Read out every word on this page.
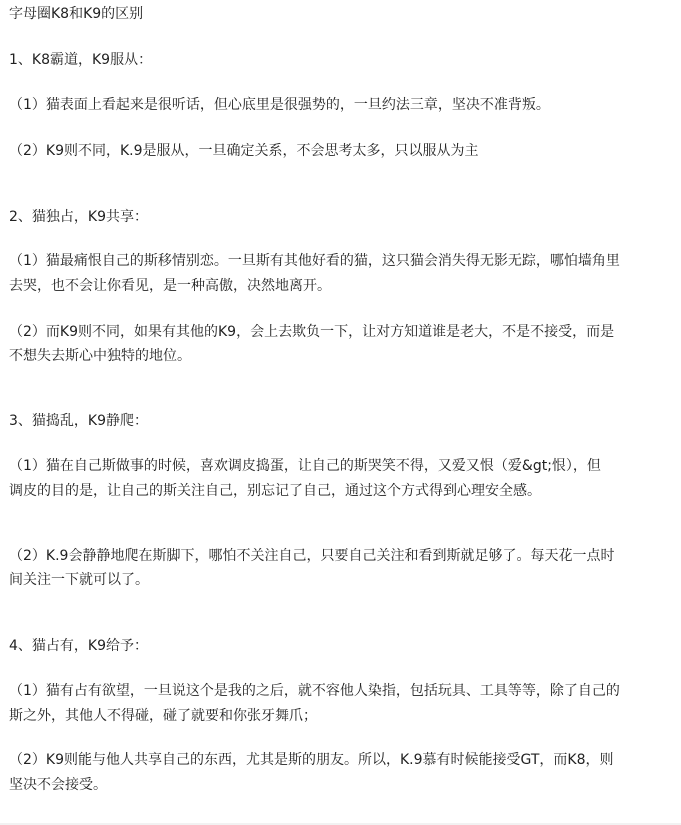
字母圈K8和K9的区别
1、K8霸道，K9服从：
（1）猫表面上看起来是很听话，但心底里是很强势的，一旦约法三章，坚决不准背叛。
（2）K9则不同，K.9是服从，一旦确定关系，不会思考太多，只以服从为主
2、猫独占，K9共享：
（1）猫最痛恨自己的斯移情别恋。一旦斯有其他好看的猫，这只猫会消失得无影无踪，哪怕墙角里
去哭，也不会让你看见，是一种高傲，决然地离开。
（2）而K9则不同，如果有其他的K9，会上去欺负一下，让对方知道谁是老大，不是不接受，而是
不想失去斯心中独特的地位。
3、猫捣乱，K9静爬：
（1）猫在自己斯做事的时候，喜欢调皮捣蛋，让自己的斯哭笑不得，又爱又恨（爱&gt;恨），但
调皮的目的是，让自己的斯关注自己，别忘记了自己，通过这个方式得到心理安全感。
（2）K.9会静静地爬在斯脚下，哪怕不关注自己，只要自己关注和看到斯就足够了。每天花一点时
间关注一下就可以了。
4、猫占有，K9给予：
（1）猫有占有欲望，一旦说这个是我的之后，就不容他人染指，包括玩具、工具等等，除了自己的
斯之外，其他人不得碰，碰了就要和你张牙舞爪；
（2）K9则能与他人共享自己的东西，尤其是斯的朋友。所以，K.9慕有时候能接受GT，而K8，则
坚决不会接受。
